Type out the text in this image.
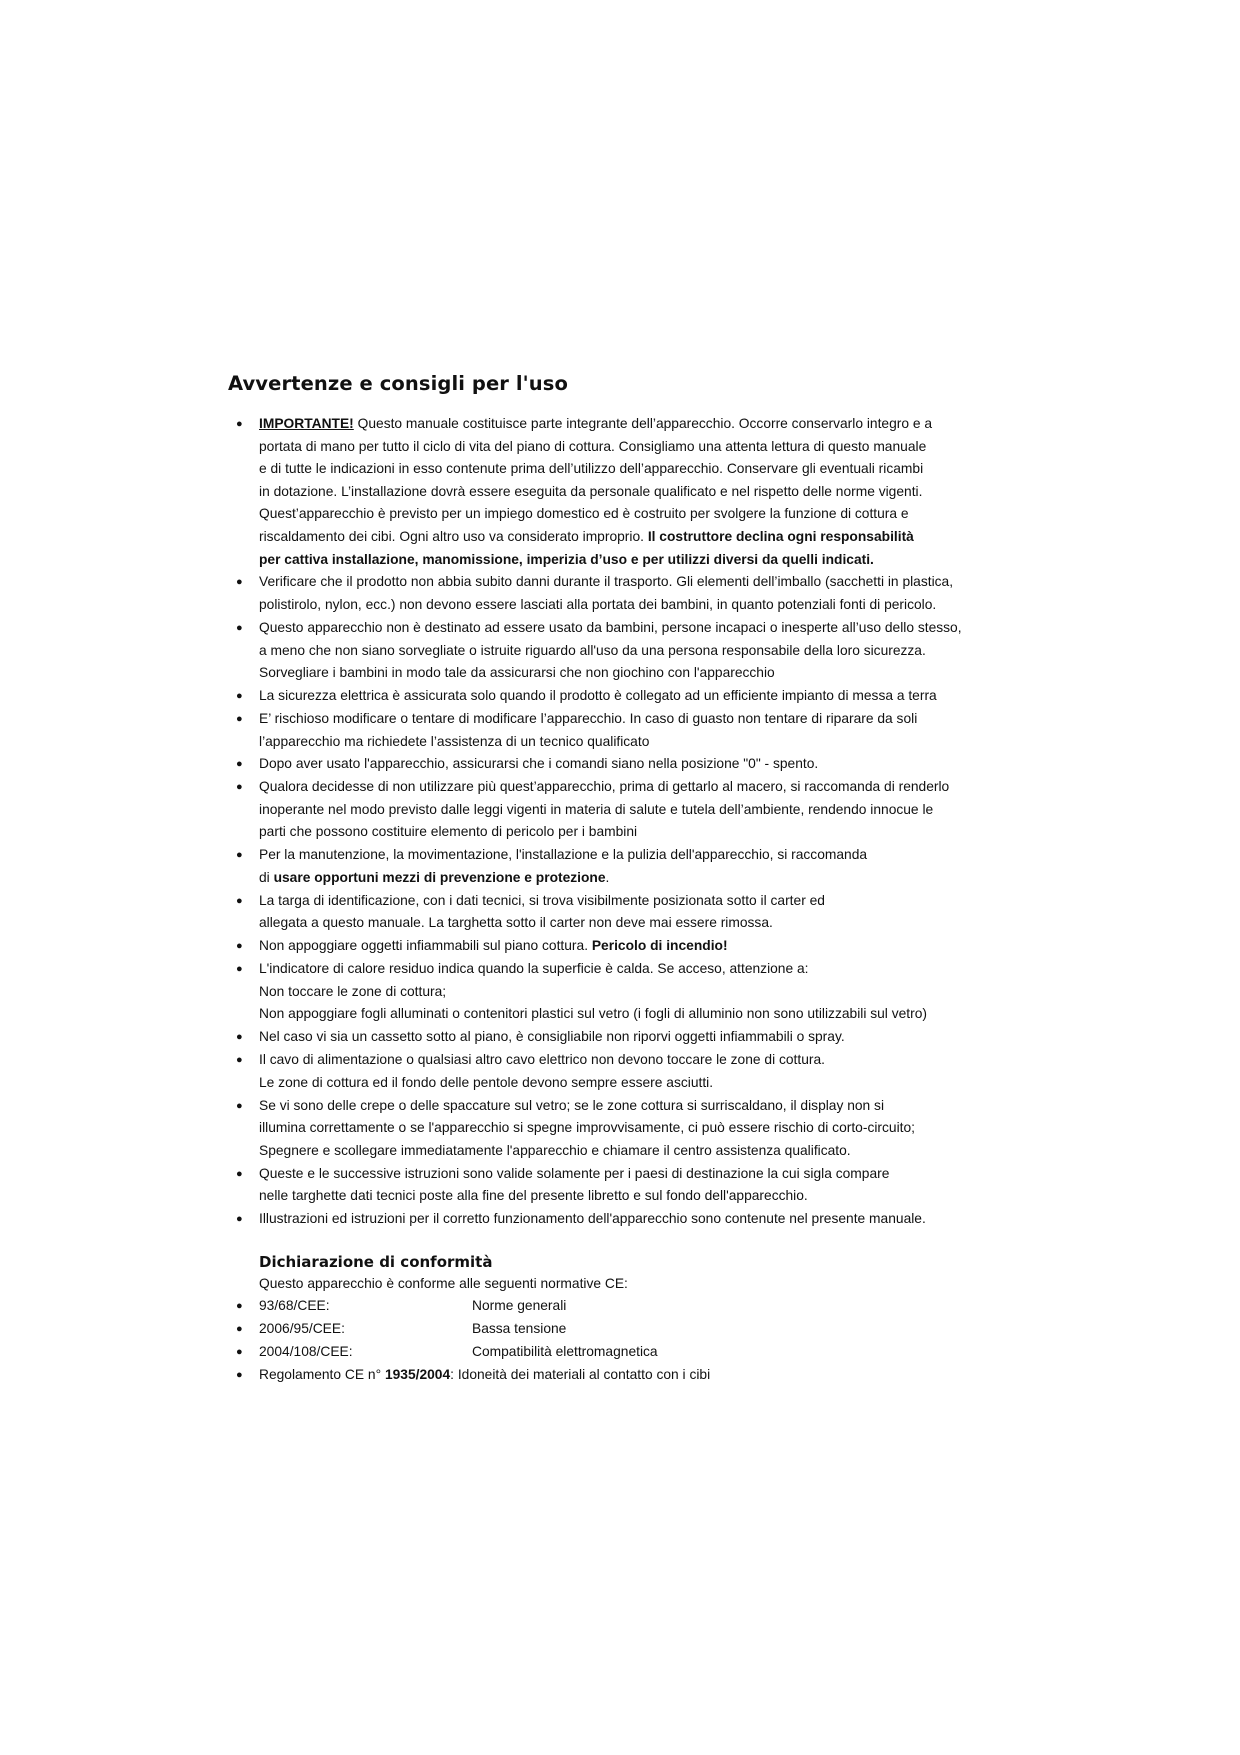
Avvertenze e consigli per l'uso
● IMPORTANTE! Questo manuale costituisce parte integrante dell’apparecchio. Occorre conservarlo integro e a
portata di mano per tutto il ciclo di vita del piano di cottura. Consigliamo una attenta lettura di questo manuale
e di tutte le indicazioni in esso contenute prima dell’utilizzo dell’apparecchio. Conservare gli eventuali ricambi
in dotazione. L’installazione dovrà essere eseguita da personale qualificato e nel rispetto delle norme vigenti.
Quest’apparecchio è previsto per un impiego domestico ed è costruito per svolgere la funzione di cottura e
riscaldamento dei cibi. Ogni altro uso va considerato improprio. Il costruttore declina ogni responsabilità
per cattiva installazione, manomissione, imperizia d’uso e per utilizzi diversi da quelli indicati.
● Verificare che il prodotto non abbia subito danni durante il trasporto. Gli elementi dell’imballo (sacchetti in plastica,
polistirolo, nylon, ecc.) non devono essere lasciati alla portata dei bambini, in quanto potenziali fonti di pericolo.
● Questo apparecchio non è destinato ad essere usato da bambini, persone incapaci o inesperte all’uso dello stesso,
a meno che non siano sorvegliate o istruite riguardo all'uso da una persona responsabile della loro sicurezza.
Sorvegliare i bambini in modo tale da assicurarsi che non giochino con l'apparecchio
● La sicurezza elettrica è assicurata solo quando il prodotto è collegato ad un efficiente impianto di messa a terra
● E’ rischioso modificare o tentare di modificare l’apparecchio. In caso di guasto non tentare di riparare da soli
l’apparecchio ma richiedete l’assistenza di un tecnico qualificato
● Dopo aver usato l'apparecchio, assicurarsi che i comandi siano nella posizione "0" - spento.
● Qualora decidesse di non utilizzare più quest’apparecchio, prima di gettarlo al macero, si raccomanda di renderlo
inoperante nel modo previsto dalle leggi vigenti in materia di salute e tutela dell’ambiente, rendendo innocue le
parti che possono costituire elemento di pericolo per i bambini
● Per la manutenzione, la movimentazione, l'installazione e la pulizia dell'apparecchio, si raccomanda
di usare opportuni mezzi di prevenzione e protezione.
● La targa di identificazione, con i dati tecnici, si trova visibilmente posizionata sotto il carter ed
allegata a questo manuale. La targhetta sotto il carter non deve mai essere rimossa.
● Non appoggiare oggetti infiammabili sul piano cottura. Pericolo di incendio!
● L'indicatore di calore residuo indica quando la superficie è calda. Se acceso, attenzione a:
Non toccare le zone di cottura;
Non appoggiare fogli alluminati o contenitori plastici sul vetro (i fogli di alluminio non sono utilizzabili sul vetro)
● Nel caso vi sia un cassetto sotto al piano, è consigliabile non riporvi oggetti infiammabili o spray.
● Il cavo di alimentazione o qualsiasi altro cavo elettrico non devono toccare le zone di cottura.
Le zone di cottura ed il fondo delle pentole devono sempre essere asciutti.
● Se vi sono delle crepe o delle spaccature sul vetro; se le zone cottura si surriscaldano, il display non si
illumina correttamente o se l'apparecchio si spegne improvvisamente, ci può essere rischio di corto-circuito;
Spegnere e scollegare immediatamente l'apparecchio e chiamare il centro assistenza qualificato.
● Queste e le successive istruzioni sono valide solamente per i paesi di destinazione la cui sigla compare
nelle targhette dati tecnici poste alla fine del presente libretto e sul fondo dell'apparecchio.
● Illustrazioni ed istruzioni per il corretto funzionamento dell'apparecchio sono contenute nel presente manuale.
Dichiarazione di conformità
Questo apparecchio è conforme alle seguenti normative CE:
● 93/68/CEE:	Norme generali
● 2006/95/CEE:	Bassa tensione
● 2004/108/CEE:	Compatibilità elettromagnetica
● Regolamento CE n° 1935/2004: Idoneità dei materiali al contatto con i cibi
